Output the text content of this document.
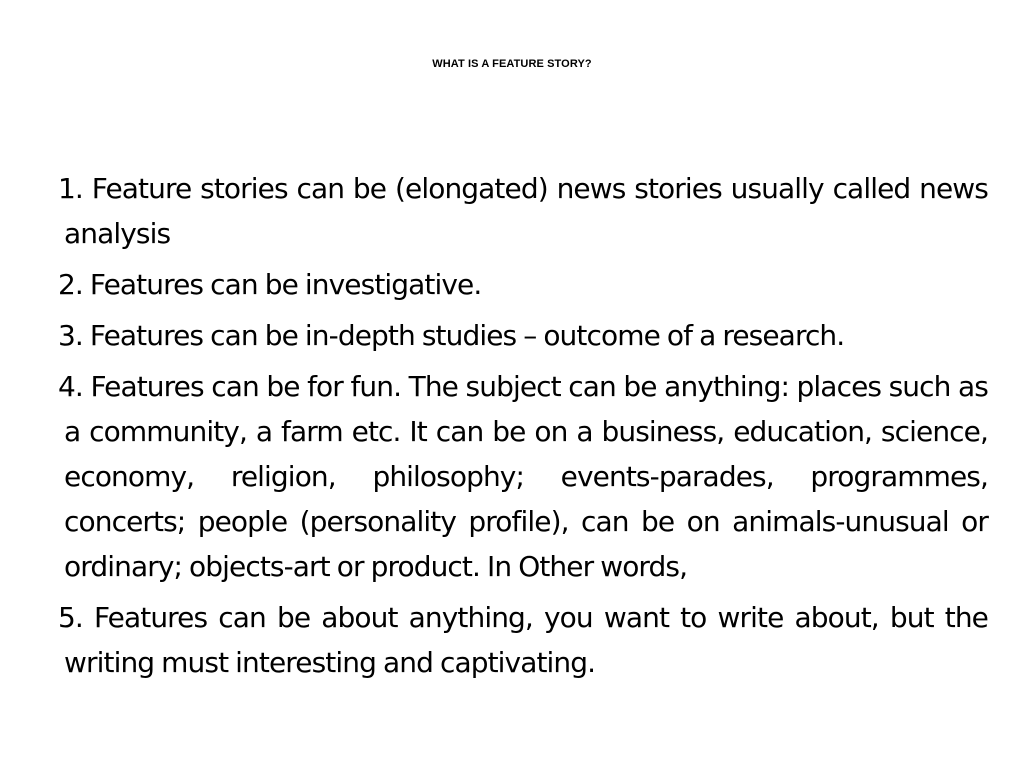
WHAT IS A FEATURE STORY?

1. Feature stories can be (elongated) news stories usually called news analysis

2. Features can be investigative.

3. Features can be in-depth studies – outcome of a research.

4. Features can be for fun. The subject can be anything: places such as a community, a farm etc. It can be on a business, education, science, economy, religion, philosophy; events-parades, programmes, concerts; people (personality profile), can be on animals-unusual or ordinary; objects-art or product. In Other words,

5. Features can be about anything, you want to write about, but the writing must interesting and captivating.
